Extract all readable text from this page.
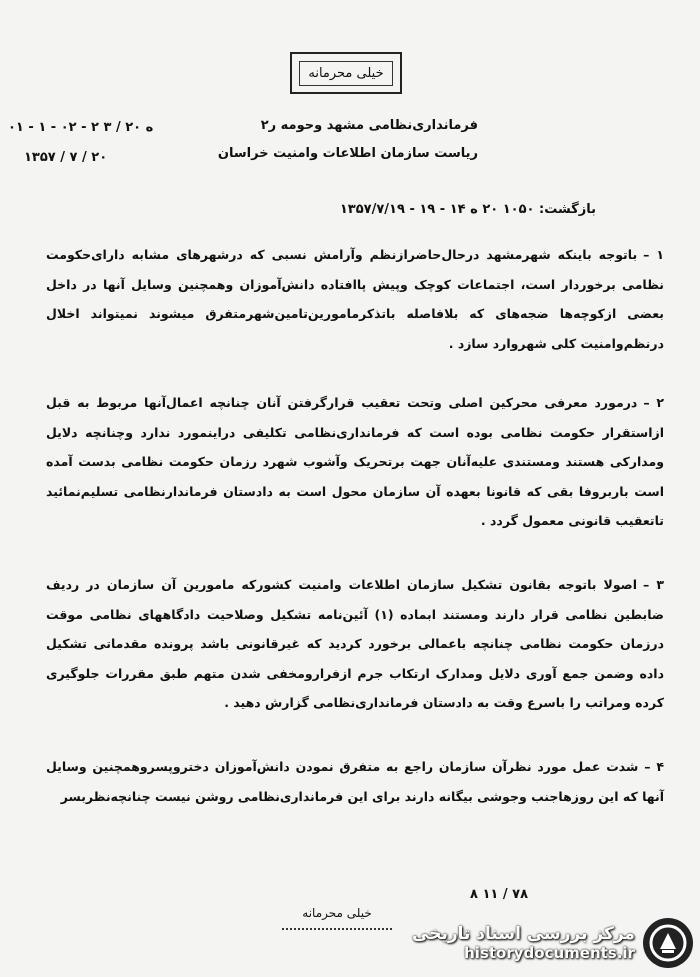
خیلی محرمانه
فرماندار‌ی‌نظامی مشهد وحومه ر۲
ریاست سازمان اطلاعات وامنیت خراسان
۰۱ - ۱ - ۰۲ - ۲ ه ۲۰ / ۳
۱۳۵۷ / ۷ / ۲۰
بازگشت: ۱۰۵۰ ۲۰ ه ۱۴ - ۱۹ - ۱۳۵۷/۷/۱۹

۱ –باتوجه باینکه شهرمشهد درحال‌حاضرازنظم وآرامش نسبی که درشهرهای مشابه دارای‌حکومت نظامی برخوردار است، اجتماعات کوچک وپیش پاافتاده دانش‌آموزان وهمچنین وسایل آنها در داخل بعضی ازکوچه‌ها ضجه‌های که بلافاصله باتذکرمامورین‌تامین‌شهرمتفرق میشوند نمیتواند اخلال درنظم‌وامنیت کلی شهروارد سازد .

۲ –درمورد معرفی محرکین اصلی وتحت تعقیب قرارگرفتن آنان چنانچه اعمال‌آنها مربوط به قبل ازاستقرار حکومت نظامی بوده است که فرمانداری‌نظامی تکلیفی دراینمورد ندارد وچنانچه دلایل ومدارکی هستند ومستندی علیه‌آنان جهت برتحریک وآشوب شهرد رزمان حکومت نظامی بدست آمده است باربروفا بقی که قانونا بعهده آن سازمان محول است به دادستان فرماندارنظامی تسلیم‌نمائید تاتعقیب قانونی معمول گردد .

۳ –اصولا باتوجه بقانون تشکیل سازمان اطلاعات وامنیت کشورکه مامورین آن سازمان در ردیف ضابطین نظامی قرار دارند ومستند ابماده (۱) آئین‌نامه تشکیل وصلاحیت دادگاههای نظامی موقت درزمان حکومت نظامی چنانچه باعمالی برخورد کردید که غیرقانونی باشد پرونده مقدماتی تشکیل داده وضمن جمع آوری دلایل ومدارک ارتکاب جرم ازفرارومخفی شدن متهم طبق مقررات جلوگیری کرده ومراتب را باسرع وقت به دادستان فرمانداری‌نظامی گزارش دهید .

۴ –شدت عمل مورد نظرآن سازمان راجع به متفرق نمودن دانش‌آموزان دختروپسروهمچنین وسایل آنها که این روزهاجنب وجوشی بیگانه دارند برای این فرمانداری‌نظامی روشن نیست چنانچه‌نظربسر

۸ ۱۱ / ۷۸
خیلی محرمانه
مرکز بررسی اسناد تاریخی
historydocuments.ir
